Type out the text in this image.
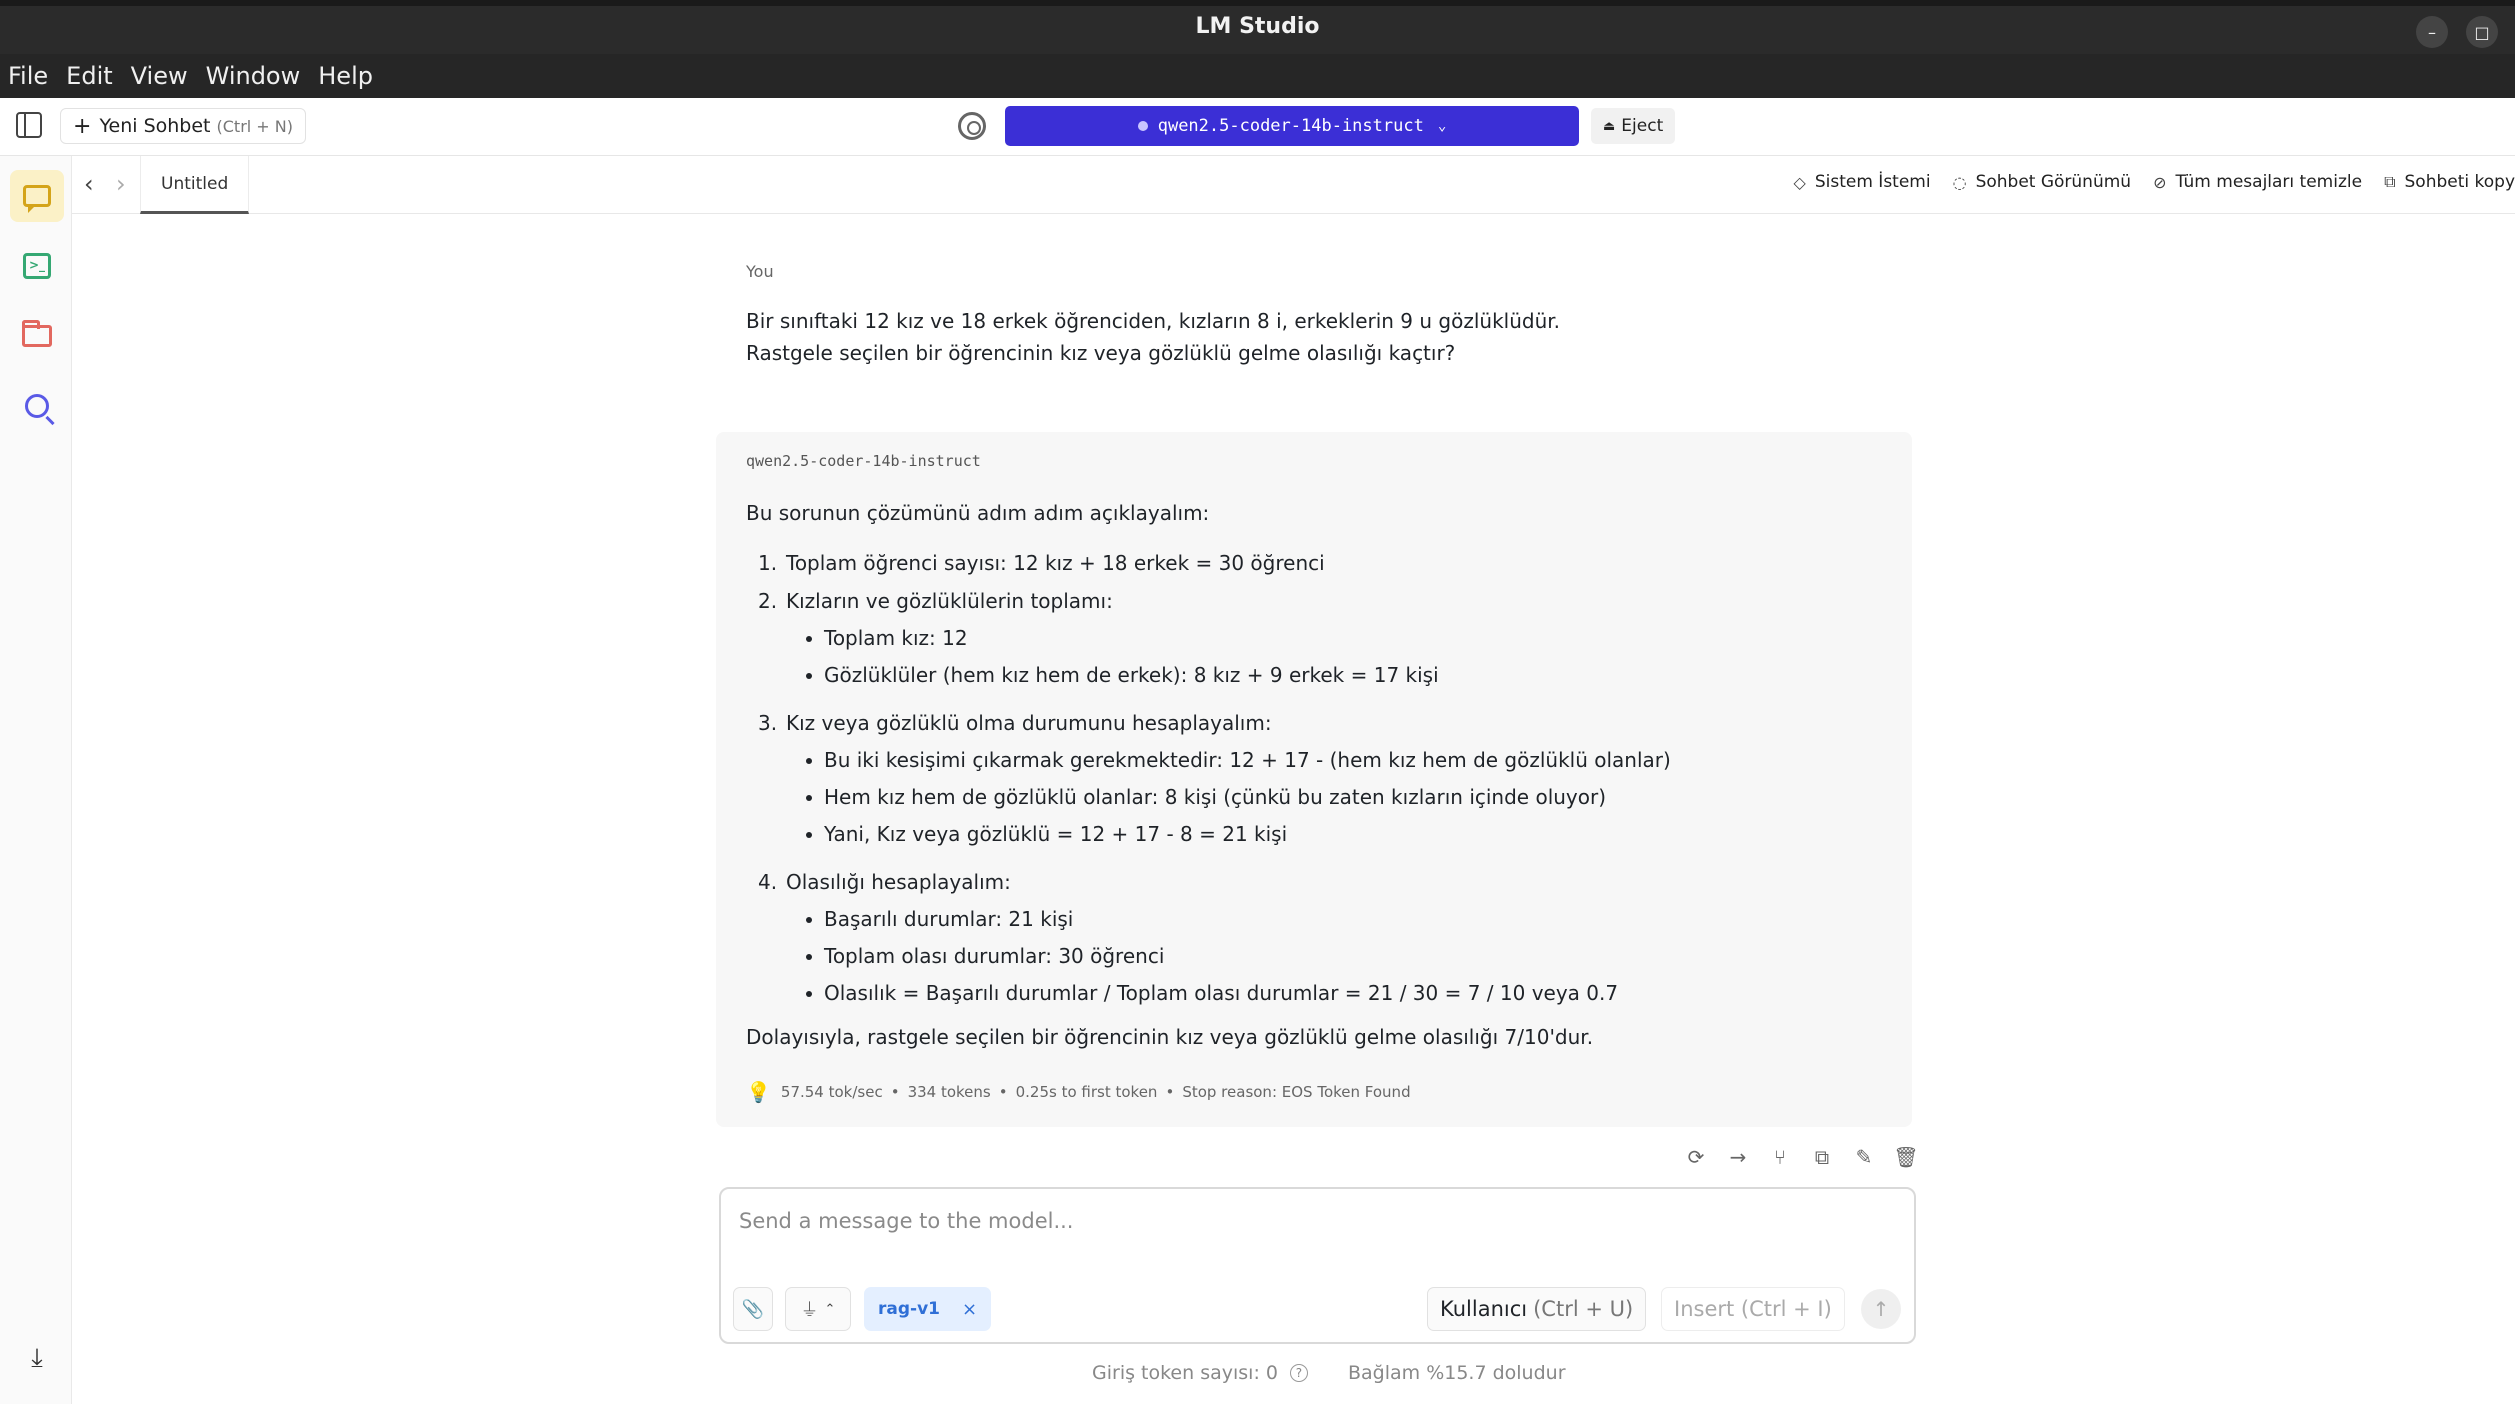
LM Studio	–	□
File Edit View Window Help
+ Yeni Sohbet (Ctrl + N)	qwen2.5-coder-14b-instruct ⌄	⏏ Eject
>_
⤓
‹ ›	Untitled	◇ Sistem İstemi ◌ Sohbet Görünümü ⊘ Tüm mesajları temizle ⧉ Sohbeti kopy
You
Bir sınıftaki 12 kız ve 18 erkek öğrenciden, kızların 8 i, erkeklerin 9 u gözlüklüdür.
Rastgele seçilen bir öğrencinin kız veya gözlüklü gelme olasılığı kaçtır?
qwen2.5-coder-14b-instruct
Bu sorunun çözümünü adım adım açıklayalım:
1. Toplam öğrenci sayısı: 12 kız + 18 erkek = 30 öğrenci
2. Kızların ve gözlüklülerin toplamı:
Toplam kız: 12
Gözlüklüler (hem kız hem de erkek): 8 kız + 9 erkek = 17 kişi
3. Kız veya gözlüklü olma durumunu hesaplayalım:
Bu iki kesişimi çıkarmak gerekmektedir: 12 + 17 - (hem kız hem de gözlüklü olanlar)
Hem kız hem de gözlüklü olanlar: 8 kişi (çünkü bu zaten kızların içinde oluyor)
Yani, Kız veya gözlüklü = 12 + 17 - 8 = 21 kişi
4. Olasılığı hesaplayalım:
Başarılı durumlar: 21 kişi
Toplam olası durumlar: 30 öğrenci
Olasılık = Başarılı durumlar / Toplam olası durumlar = 21 / 30 = 7 / 10 veya 0.7
Dolayısıyla, rastgele seçilen bir öğrencinin kız veya gözlüklü gelme olasılığı 7/10'dur.
💡 57.54 tok/sec • 334 tokens • 0.25s to first token • Stop reason: EOS Token Found
⟳	→	⑂	⧉	✎	🗑
Send a message to the model...
📎 ⏚ ⌃	rag-v1 ×	Kullanıcı (Ctrl + U)	Insert (Ctrl + I)	↑
Giriş token sayısı: 0	?	Bağlam %15.7 doludur
